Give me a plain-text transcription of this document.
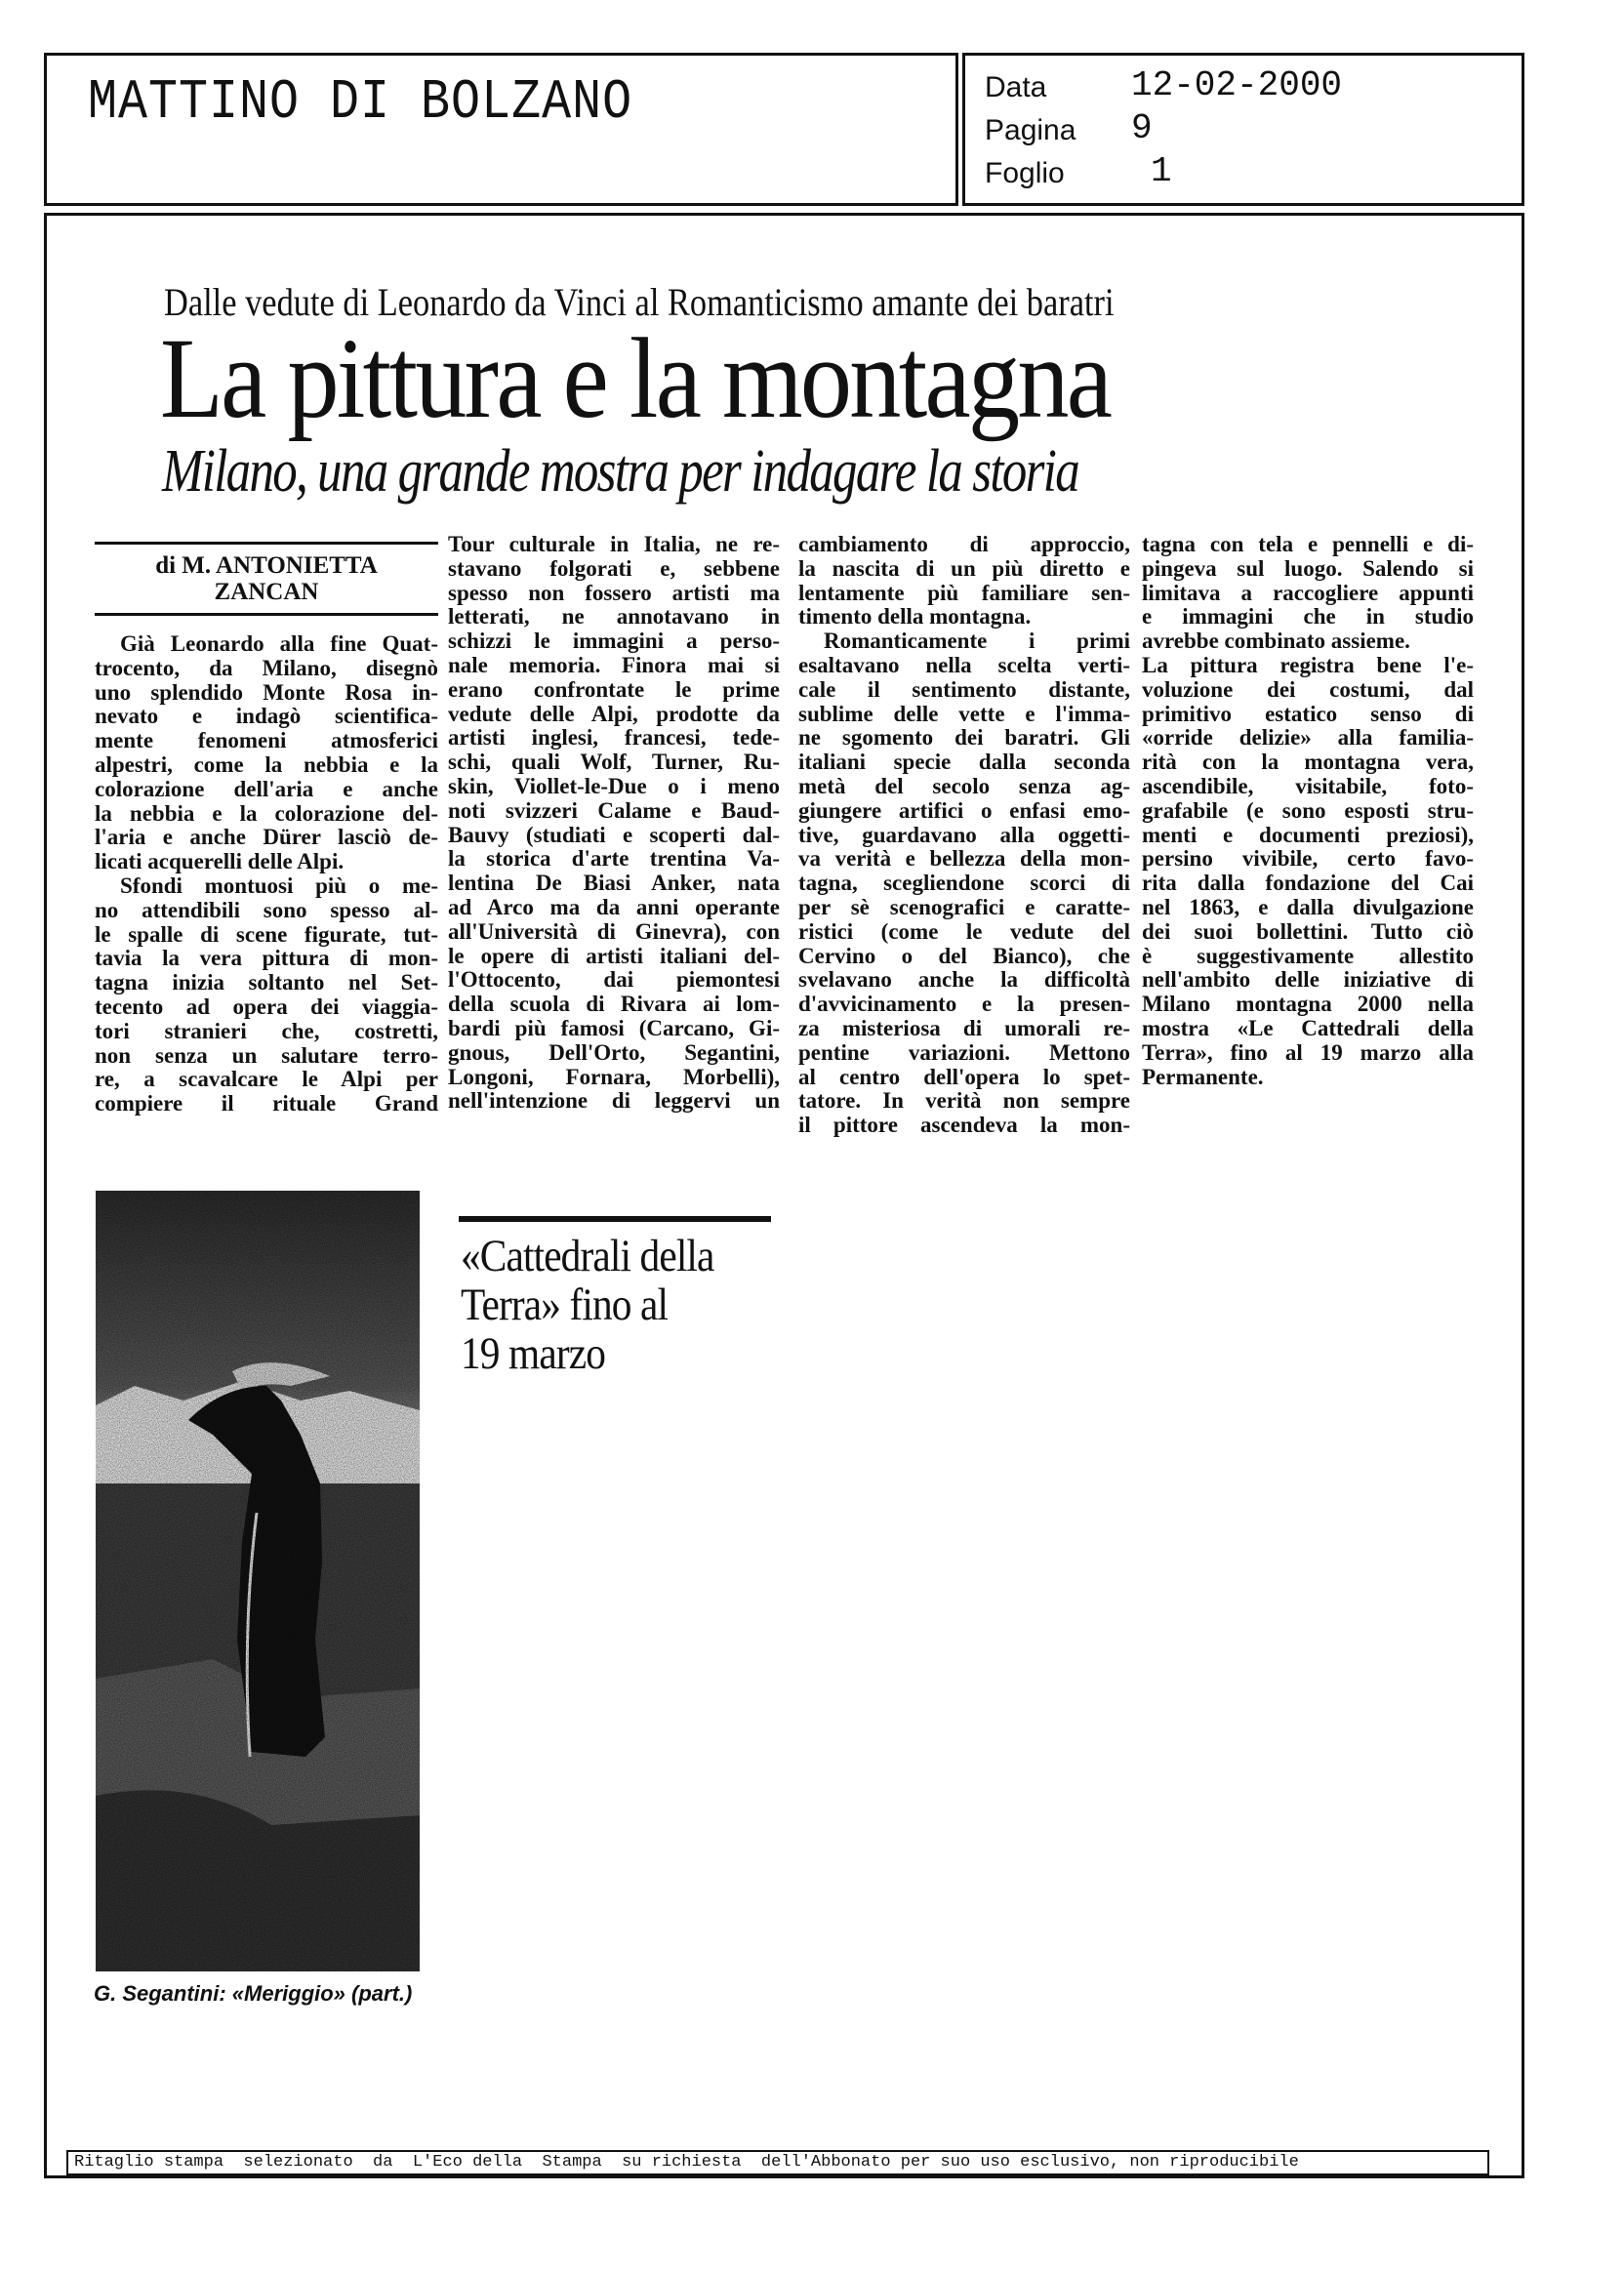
MATTINO DI BOLZANO	Data 12-02-2000
Pagina 9
Foglio 1
Dalle vedute di Leonardo da Vinci al Romanticismo amante dei baratri
La pittura e la montagna
Milano, una grande mostra per indagare la storia
di M. ANTONIETTA
ZANCAN
Già Leonardo alla fine Quat-
trocento, da Milano, disegnò
uno splendido Monte Rosa in-
nevato e indagò scientifica-
mente fenomeni atmosferici
alpestri, come la nebbia e la
colorazione dell'aria e anche
la nebbia e la colorazione del-
l'aria e anche Dürer lasciò de-
licati acquerelli delle Alpi.
Sfondi montuosi più o me-
no attendibili sono spesso al-
le spalle di scene figurate, tut-
tavia la vera pittura di mon-
tagna inizia soltanto nel Set-
tecento ad opera dei viaggia-
tori stranieri che, costretti,
non senza un salutare terro-
re, a scavalcare le Alpi per
compiere il rituale Grand
Tour culturale in Italia, ne re-
stavano folgorati e, sebbene
spesso non fossero artisti ma
letterati, ne annotavano in
schizzi le immagini a perso-
nale memoria. Finora mai si
erano confrontate le prime
vedute delle Alpi, prodotte da
artisti inglesi, francesi, tede-
schi, quali Wolf, Turner, Ru-
skin, Viollet-le-Due o i meno
noti svizzeri Calame e Baud-
Bauvy (studiati e scoperti dal-
la storica d'arte trentina Va-
lentina De Biasi Anker, nata
ad Arco ma da anni operante
all'Università di Ginevra), con
le opere di artisti italiani del-
l'Ottocento, dai piemontesi
della scuola di Rivara ai lom-
bardi più famosi (Carcano, Gi-
gnous, Dell'Orto, Segantini,
Longoni, Fornara, Morbelli),
nell'intenzione di leggervi un
cambiamento di approccio,
la nascita di un più diretto e
lentamente più familiare sen-
timento della montagna.
Romanticamente i primi
esaltavano nella scelta verti-
cale il sentimento distante,
sublime delle vette e l'imma-
ne sgomento dei baratri. Gli
italiani specie dalla seconda
metà del secolo senza ag-
giungere artifici o enfasi emo-
tive, guardavano alla oggetti-
va verità e bellezza della mon-
tagna, scegliendone scorci di
per sè scenografici e caratte-
ristici (come le vedute del
Cervino o del Bianco), che
svelavano anche la difficoltà
d'avvicinamento e la presen-
za misteriosa di umorali re-
pentine variazioni. Mettono
al centro dell'opera lo spet-
tatore. In verità non sempre
il pittore ascendeva la mon-
tagna con tela e pennelli e di-
pingeva sul luogo. Salendo si
limitava a raccogliere appunti
e immagini che in studio
avrebbe combinato assieme.
La pittura registra bene l'e-
voluzione dei costumi, dal
primitivo estatico senso di
«orride delizie» alla familia-
rità con la montagna vera,
ascendibile, visitabile, foto-
grafabile (e sono esposti stru-
menti e documenti preziosi),
persino vivibile, certo favo-
rita dalla fondazione del Cai
nel 1863, e dalla divulgazione
dei suoi bollettini. Tutto ciò
è suggestivamente allestito
nell'ambito delle iniziative di
Milano montagna 2000 nella
mostra «Le Cattedrali della
Terra», fino al 19 marzo alla
Permanente.
G. Segantini: «Meriggio» (part.)
«Cattedrali della
Terra» fino al
19 marzo
Ritaglio stampa  selezionato  da  L'Eco della  Stampa  su richiesta  dell'Abbonato per suo uso esclusivo, non riproducibile
